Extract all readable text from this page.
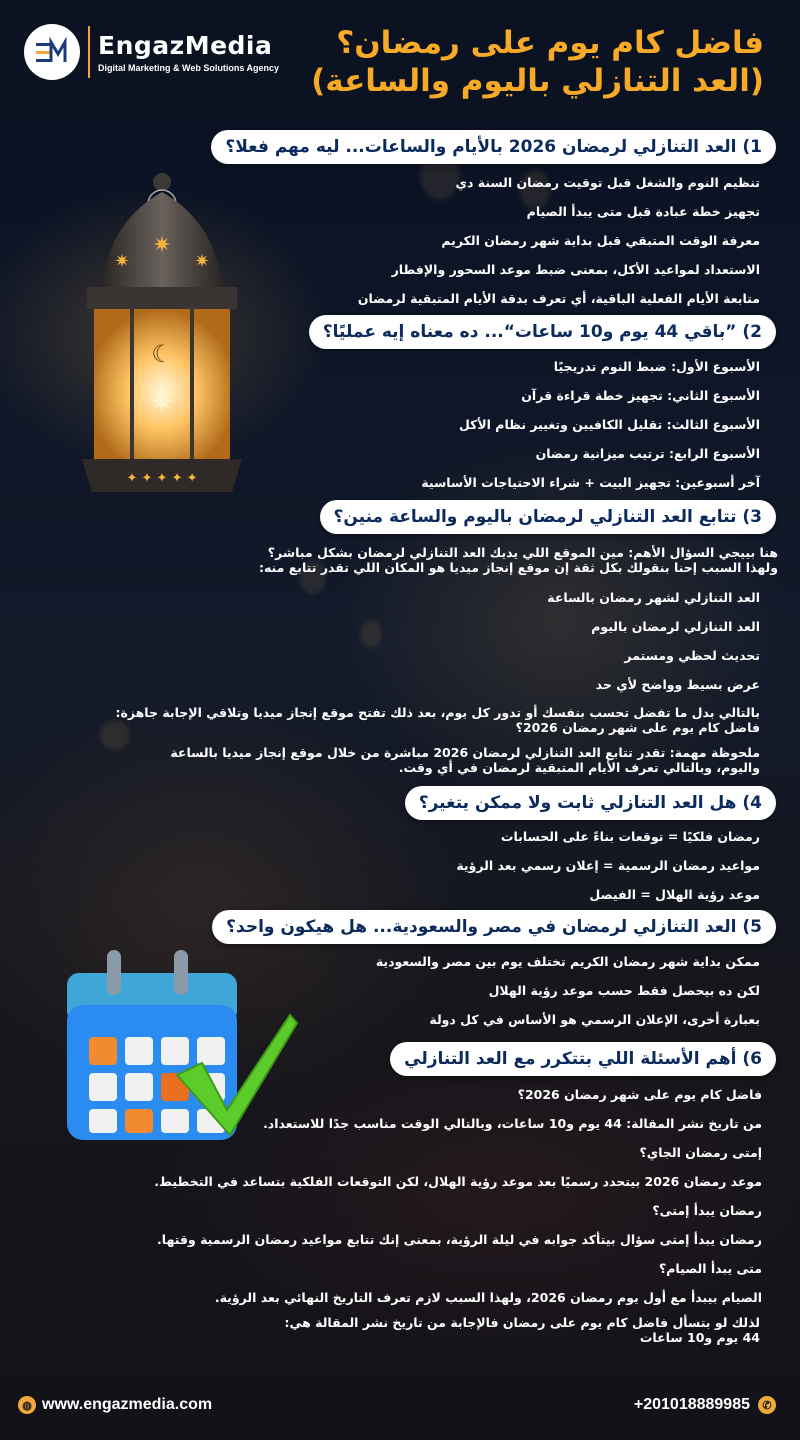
EngazMedia
Digital Marketing & Web Solutions Agency
فاضل كام يوم على رمضان؟
(العد التنازلي باليوم والساعة)
✷
✷	✷
☾
✷
✦ ✦ ✦ ✦ ✦
1) العد التنازلي لرمضان 2026 بالأيام والساعات... ليه مهم فعلا؟
تنظيم النوم والشغل قبل توقيت رمضان السنة دي
تجهيز خطة عبادة قبل متى يبدأ الصيام
معرفة الوقت المتبقي قبل بداية شهر رمضان الكريم
الاستعداد لمواعيد الأكل، بمعنى ضبط موعد السحور والإفطار
متابعة الأيام الفعلية الباقية، أي تعرف بدقة الأيام المتبقية لرمضان
2) ”باقي 44 يوم و10 ساعات“... ده معناه إيه عمليًا؟
الأسبوع الأول: ضبط النوم تدريجيًا
الأسبوع الثاني: تجهيز خطة قراءة قرآن
الأسبوع الثالث: تقليل الكافيين وتغيير نظام الأكل
الأسبوع الرابع: ترتيب ميزانية رمضان
آخر أسبوعين: تجهيز البيت + شراء الاحتياجات الأساسية
3) تتابع العد التنازلي لرمضان باليوم والساعة منين؟
هنا بييجي السؤال الأهم: مين الموقع اللي يديك العد التنازلي لرمضان بشكل مباشر؟
ولهذا السبب إحنا بنقولك بكل ثقة إن موقع إنجاز ميديا هو المكان اللي تقدر تتابع منه:
العد التنازلي لشهر رمضان بالساعة
العد التنازلي لرمضان باليوم
تحديث لحظي ومستمر
عرض بسيط وواضح لأي حد
بالتالي بدل ما تفضل تحسب بنفسك أو تدور كل يوم، بعد ذلك تفتح موقع إنجاز ميديا وتلاقي الإجابة جاهزة:
فاضل كام يوم على شهر رمضان 2026؟
ملحوظة مهمة: تقدر تتابع العد التنازلي لرمضان 2026 مباشرة من خلال موقع إنجاز ميديا بالساعة
واليوم، وبالتالي تعرف الأيام المتبقية لرمضان في أي وقت.
4) هل العد التنازلي ثابت ولا ممكن يتغير؟
رمضان فلكيًا = توقعات بناءً على الحسابات
مواعيد رمضان الرسمية = إعلان رسمي بعد الرؤية
موعد رؤية الهلال = الفيصل
5) العد التنازلي لرمضان في مصر والسعودية... هل هيكون واحد؟
ممكن بداية شهر رمضان الكريم تختلف يوم بين مصر والسعودية
لكن ده بيحصل فقط حسب موعد رؤية الهلال
بعبارة أخرى، الإعلان الرسمي هو الأساس في كل دولة
6) أهم الأسئلة اللي بتتكرر مع العد التنازلي
فاضل كام يوم على شهر رمضان 2026؟
من تاريخ نشر المقالة: 44 يوم و10 ساعات، وبالتالي الوقت مناسب جدًا للاستعداد.
إمتى رمضان الجاي؟
موعد رمضان 2026 بيتحدد رسميًا بعد موعد رؤية الهلال، لكن التوقعات الفلكية بتساعد في التخطيط.
رمضان يبدأ إمتى؟
رمضان يبدأ إمتى سؤال بيتأكد جوابه في ليلة الرؤية، بمعنى إنك تتابع مواعيد رمضان الرسمية وقتها.
متى يبدأ الصيام؟
الصيام بيبدأ مع أول يوم رمضان 2026، ولهذا السبب لازم تعرف التاريخ النهائي بعد الرؤية.
لذلك لو بتسأل فاضل كام يوم على رمضان فالإجابة من تاريخ نشر المقالة هي:
44 يوم و10 ساعات
◍ www.engazmedia.com	+201018889985	✆
